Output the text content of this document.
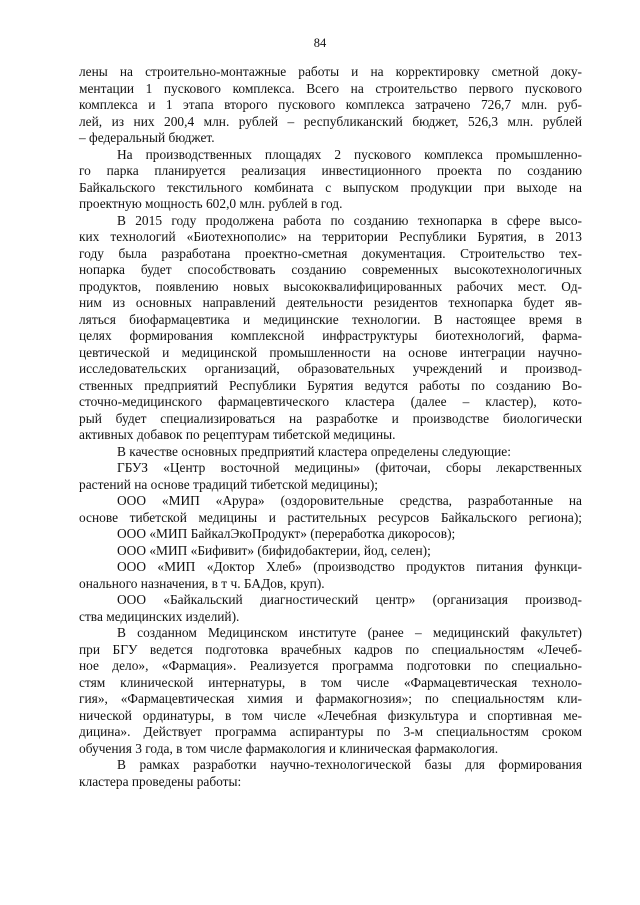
84
лены на строительно-монтажные работы и на корректировку сметной доку-
ментации 1 пускового комплекса. Всего на строительство первого пускового
комплекса и 1 этапа второго пускового комплекса затрачено 726,7 млн. руб-
лей, из них 200,4 млн. рублей – республиканский бюджет, 526,3 млн. рублей
– федеральный бюджет.
На производственных площадях 2 пускового комплекса промышленно-
го парка планируется реализация инвестиционного проекта по созданию
Байкальского текстильного комбината с выпуском продукции при выходе на
проектную мощность 602,0 млн. рублей в год.
В 2015 году продолжена работа по созданию технопарка в сфере высо-
ких технологий «Биотехнополис» на территории Республики Бурятия, в 2013
году была разработана проектно-сметная документация. Строительство тех-
нопарка будет способствовать созданию современных высокотехнологичных
продуктов, появлению новых высококвалифицированных рабочих мест. Од-
ним из основных направлений деятельности резидентов технопарка будет яв-
ляться биофармацевтика и медицинские технологии. В настоящее время в
целях формирования комплексной инфраструктуры биотехнологий, фарма-
цевтической и медицинской промышленности на основе интеграции научно-
исследовательских организаций, образовательных учреждений и производ-
ственных предприятий Республики Бурятия ведутся работы по созданию Во-
сточно-медицинского фармацевтического кластера (далее – кластер), кото-
рый будет специализироваться на разработке и производстве биологически
активных добавок по рецептурам тибетской медицины.
В качестве основных предприятий кластера определены следующие:
ГБУЗ «Центр восточной медицины» (фиточаи, сборы лекарственных
растений на основе традиций тибетской медицины);
ООО «МИП «Арура» (оздоровительные средства, разработанные на
основе тибетской медицины и растительных ресурсов Байкальского региона);
ООО «МИП БайкалЭкоПродукт» (переработка дикоросов);
ООО «МИП «Бифивит» (бифидобактерии, йод, селен);
ООО «МИП «Доктор Хлеб» (производство продуктов питания функци-
онального назначения, в т ч. БАДов, круп).
ООО «Байкальский диагностический центр» (организация производ-
ства медицинских изделий).
В созданном Медицинском институте (ранее – медицинский факультет)
при БГУ ведется подготовка врачебных кадров по специальностям «Лечеб-
ное дело», «Фармация». Реализуется программа подготовки по специально-
стям клинической интернатуры, в том числе «Фармацевтическая техноло-
гия», «Фармацевтическая химия и фармакогнозия»; по специальностям кли-
нической ординатуры, в том числе «Лечебная физкультура и спортивная ме-
дицина». Действует программа аспирантуры по 3-м специальностям сроком
обучения 3 года, в том числе фармакология и клиническая фармакология.
В рамках разработки научно-технологической базы для формирования
кластера проведены работы:
